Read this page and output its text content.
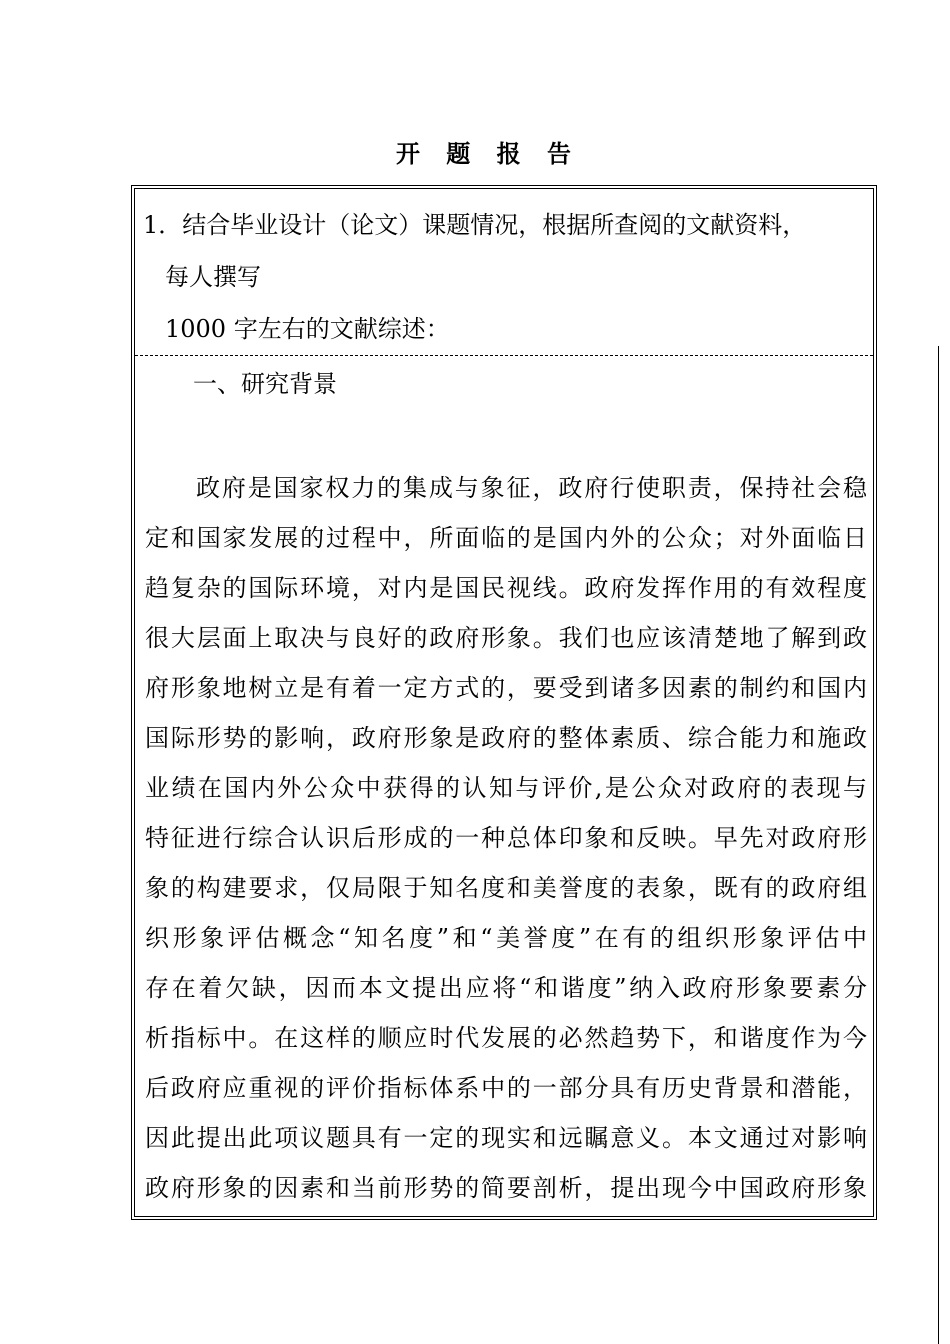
开 题 报 告
1．结合毕业设计（论文）课题情况，根据所查阅的文献资料，
每人撰写
1000 字左右的文献综述：
一、研究背景
政府是国家权力的集成与象征，政府行使职责，保持社会稳
定和国家发展的过程中，所面临的是国内外的公众；对外面临日
趋复杂的国际环境，对内是国民视线。政府发挥作用的有效程度
很大层面上取决与良好的政府形象。我们也应该清楚地了解到政
府形象地树立是有着一定方式的，要受到诸多因素的制约和国内
国际形势的影响，政府形象是政府的整体素质、综合能力和施政
业绩在国内外公众中获得的认知与评价,是公众对政府的表现与
特征进行综合认识后形成的一种总体印象和反映。早先对政府形
象的构建要求，仅局限于知名度和美誉度的表象，既有的政府组
织形象评估概念“知名度”和“美誉度”在有的组织形象评估中
存在着欠缺，因而本文提出应将“和谐度”纳入政府形象要素分
析指标中。在这样的顺应时代发展的必然趋势下，和谐度作为今
后政府应重视的评价指标体系中的一部分具有历史背景和潜能，
因此提出此项议题具有一定的现实和远瞩意义。本文通过对影响
政府形象的因素和当前形势的简要剖析，提出现今中国政府形象
